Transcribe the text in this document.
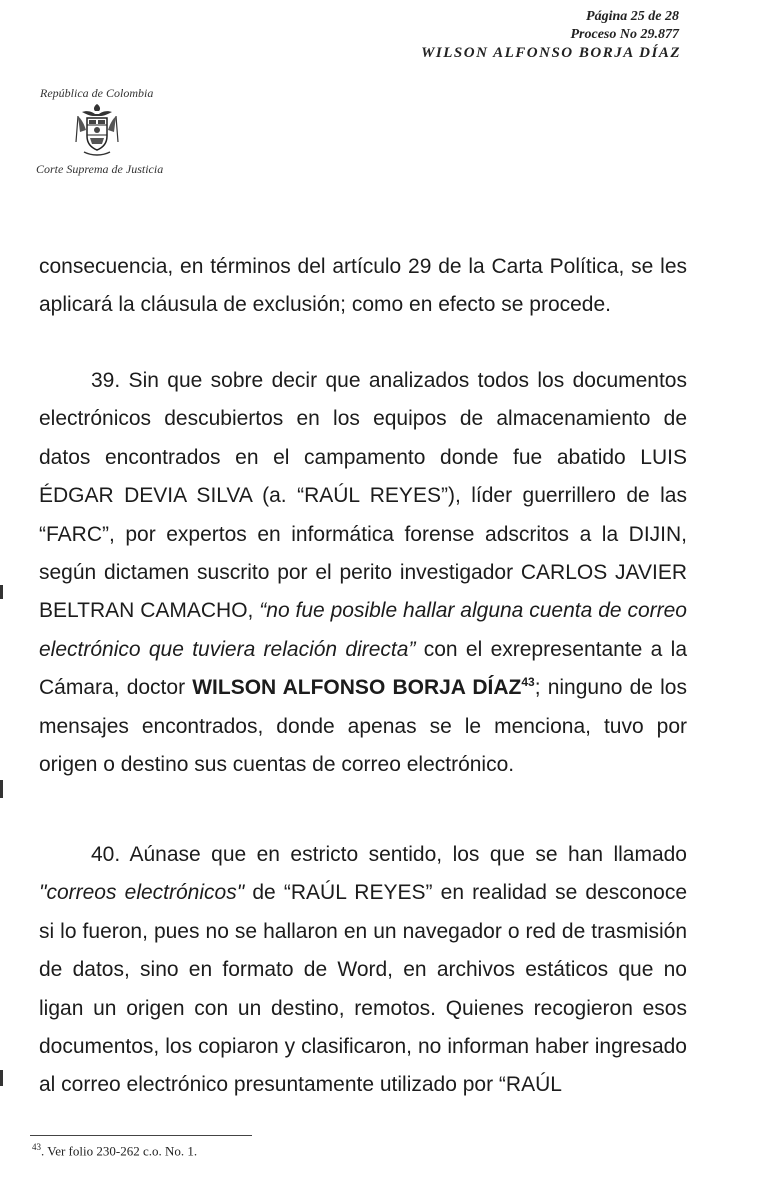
Página 25 de 28
Proceso No 29.877
WILSON ALFONSO BORJA DÍAZ
República de Colombia
Corte Suprema de Justicia
consecuencia, en términos del artículo 29 de la Carta Política, se les aplicará la cláusula de exclusión; como en efecto se procede.
39. Sin que sobre decir que analizados todos los documentos electrónicos descubiertos en los equipos de almacenamiento de datos encontrados en el campamento donde fue abatido LUIS ÉDGAR DEVIA SILVA (a. “RAÚL REYES”), líder guerrillero de las “FARC”, por expertos en informática forense adscritos a la DIJIN, según dictamen suscrito por el perito investigador CARLOS JAVIER BELTRAN CAMACHO, “no fue posible hallar alguna cuenta de correo electrónico que tuviera relación directa” con el exrepresentante a la Cámara, doctor WILSON ALFONSO BORJA DÍAZ$^{43}$; ninguno de los mensajes encontrados, donde apenas se le menciona, tuvo por origen o destino sus cuentas de correo electrónico.
40. Aúnase que en estricto sentido, los que se han llamado "correos electrónicos" de “RAÚL REYES” en realidad se desconoce si lo fueron, pues no se hallaron en un navegador o red de trasmisión de datos, sino en formato de Word, en archivos estáticos que no ligan un origen con un destino, remotos. Quienes recogieron esos documentos, los copiaron y clasificaron, no informan haber ingresado al correo electrónico presuntamente utilizado por “RAÚL
$^{43}$. Ver folio 230-262 c.o. No. 1.
